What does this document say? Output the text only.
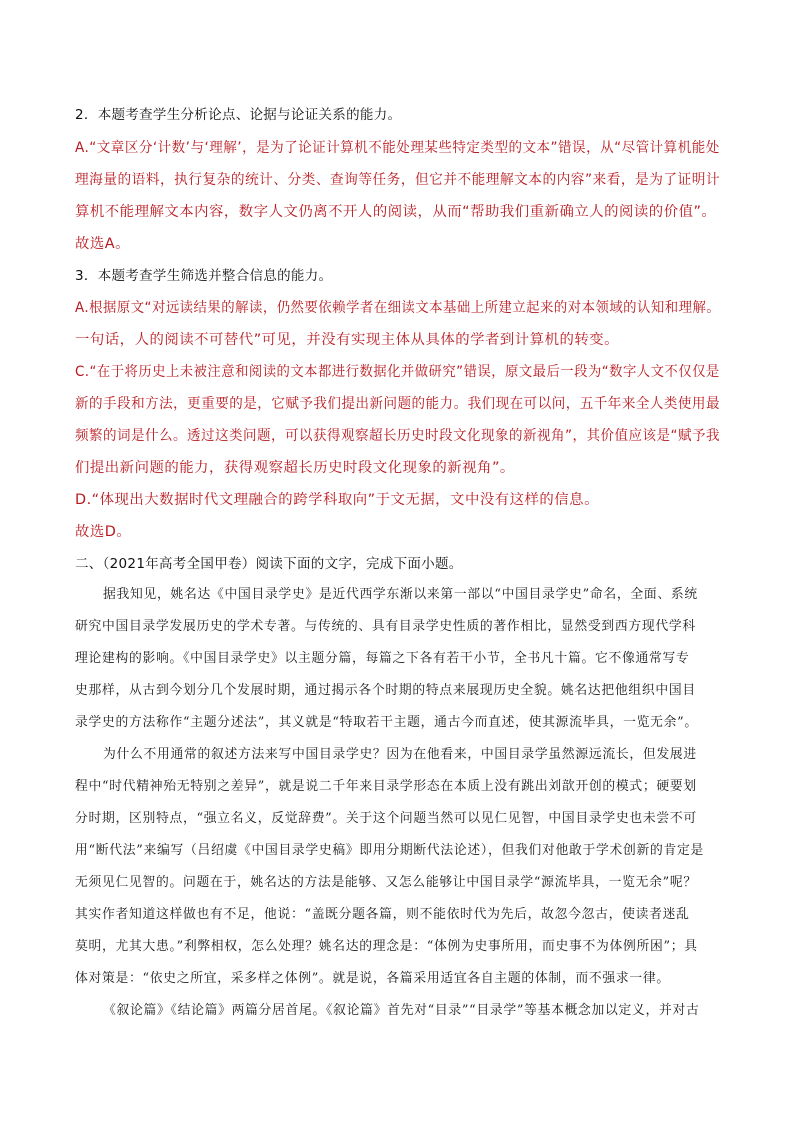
2．本题考查学生分析论点、论据与论证关系的能力。
A.“文章区分‘计数’与‘理解’，是为了论证计算机不能处理某些特定类型的文本”错误，从“尽管计算机能处
理海量的语料，执行复杂的统计、分类、查询等任务，但它并不能理解文本的内容”来看，是为了证明计
算机不能理解文本内容，数字人文仍离不开人的阅读，从而“帮助我们重新确立人的阅读的价值”。
故选A。
3．本题考查学生筛选并整合信息的能力。
A.根据原文“对远读结果的解读，仍然要依赖学者在细读文本基础上所建立起来的对本领域的认知和理解。
一句话，人的阅读不可替代”可见，并没有实现主体从具体的学者到计算机的转变。
C.“在于将历史上未被注意和阅读的文本都进行数据化并做研究”错误，原文最后一段为“数字人文不仅仅是
新的手段和方法，更重要的是，它赋予我们提出新问题的能力。我们现在可以问，五千年来全人类使用最
频繁的词是什么。透过这类问题，可以获得观察超长历史时段文化现象的新视角”，其价值应该是“赋予我
们提出新问题的能力，获得观察超长历史时段文化现象的新视角”。
D.“体现出大数据时代文理融合的跨学科取向”于文无据，文中没有这样的信息。
故选D。
二、（2021年高考全国甲卷）阅读下面的文字，完成下面小题。
据我知见，姚名达《中国目录学史》是近代西学东渐以来第一部以“中国目录学史”命名，全面、系统
研究中国目录学发展历史的学术专著。与传统的、具有目录学史性质的著作相比，显然受到西方现代学科
理论建构的影响。《中国目录学史》以主题分篇，每篇之下各有若干小节，全书凡十篇。它不像通常写专
史那样，从古到今划分几个发展时期，通过揭示各个时期的特点来展现历史全貌。姚名达把他组织中国目
录学史的方法称作“主题分述法”，其义就是“特取若干主题，通古今而直述，使其源流毕具，一览无余”。
为什么不用通常的叙述方法来写中国目录学史？因为在他看来，中国目录学虽然源远流长，但发展进
程中“时代精神殆无特别之差异”，就是说二千年来目录学形态在本质上没有跳出刘歆开创的模式；硬要划
分时期，区别特点，“强立名义，反觉辞费”。关于这个问题当然可以见仁见智，中国目录学史也未尝不可
用“断代法”来编写（吕绍虞《中国目录学史稿》即用分期断代法论述），但我们对他敢于学术创新的肯定是
无须见仁见智的。问题在于，姚名达的方法是能够、又怎么能够让中国目录学“源流毕具，一览无余”呢？
其实作者知道这样做也有不足，他说：“盖既分题各篇，则不能依时代为先后，故忽今忽古，使读者迷乱
莫明，尤其大患。”利弊相权，怎么处理？姚名达的理念是：“体例为史事所用，而史事不为体例所困”；具
体对策是：“依史之所宜，采多样之体例”。就是说，各篇采用适宜各自主题的体制，而不强求一律。
《叙论篇》《结论篇》两篇分居首尾。《叙论篇》首先对“目录”“目录学”等基本概念加以定义，并对古
